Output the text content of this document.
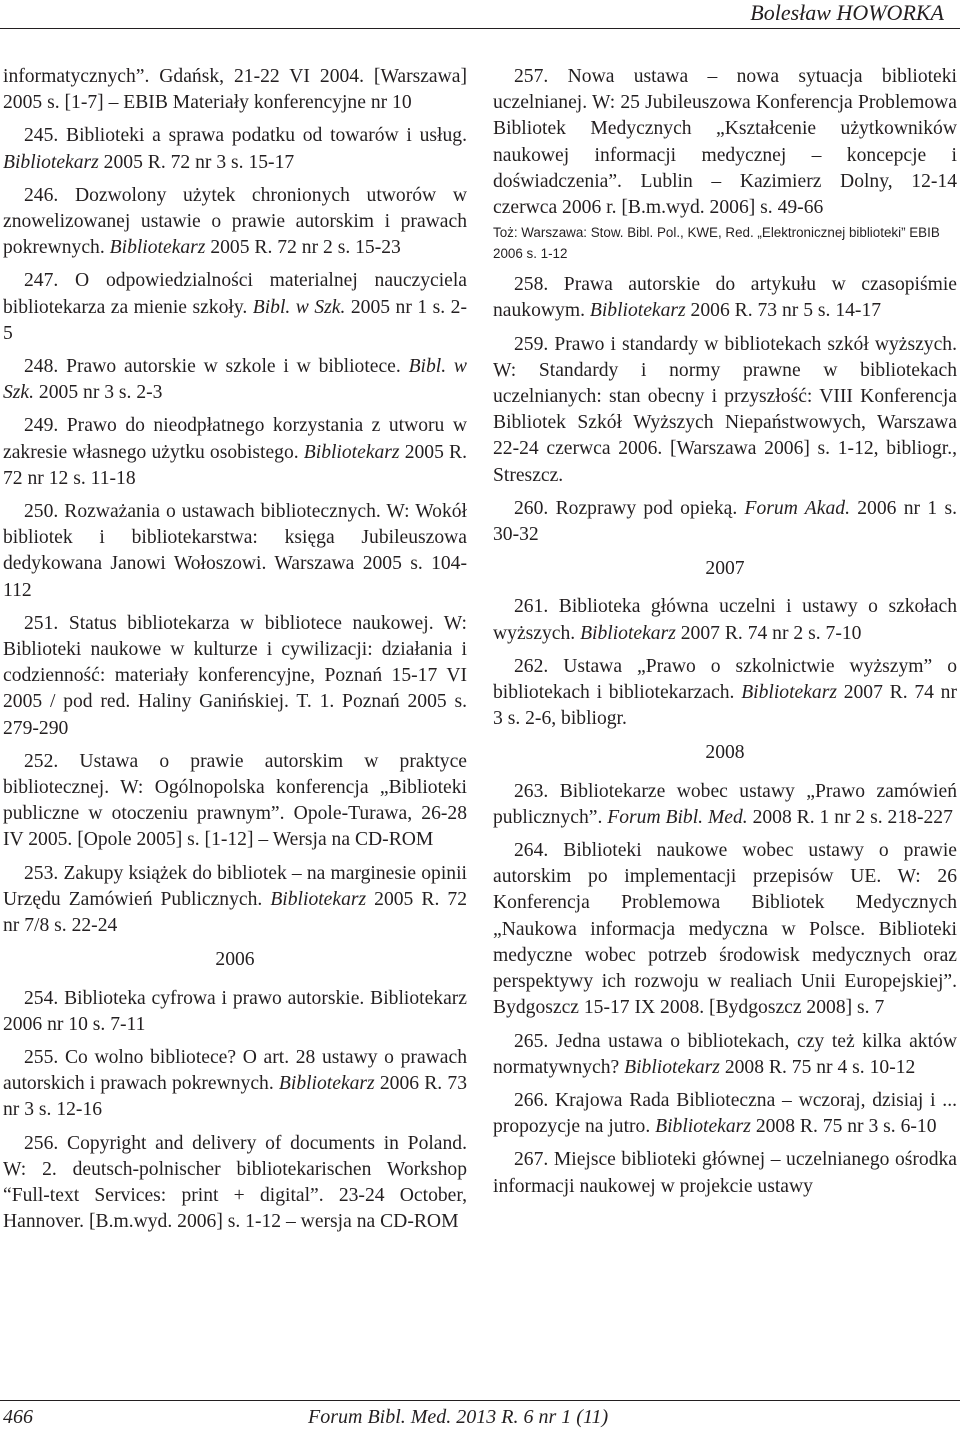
Bolesław HOWORKA
informatycznych”. Gdańsk, 21-22 VI 2004. [Warszawa] 2005 s. [1-7] – EBIB Materiały konferencyjne nr 10
245. Biblioteki a sprawa podatku od towarów i usług. Bibliotekarz 2005 R. 72 nr 3 s. 15-17
246. Dozwolony użytek chronionych utworów w znowelizowanej ustawie o prawie autorskim i prawach pokrewnych. Bibliotekarz 2005 R. 72 nr 2 s. 15-23
247. O odpowiedzialności materialnej nauczyciela bibliotekarza za mienie szkoły. Bibl. w Szk. 2005 nr 1 s. 2-5
248. Prawo autorskie w szkole i w bibliotece. Bibl. w Szk. 2005 nr 3 s. 2-3
249. Prawo do nieodpłatnego korzystania z utworu w zakresie własnego użytku osobistego. Bibliotekarz 2005 R. 72 nr 12 s. 11-18
250. Rozważania o ustawach bibliotecznych. W: Wokół bibliotek i bibliotekarstwa: księga Jubileuszowa dedykowana Janowi Wołoszowi. Warszawa 2005 s. 104-112
251. Status bibliotekarza w bibliotece naukowej. W: Biblioteki naukowe w kulturze i cywilizacji: działania i codzienność: materiały konferencyjne, Poznań 15-17 VI 2005 / pod red. Haliny Ganińskiej. T. 1. Poznań 2005 s. 279-290
252. Ustawa o prawie autorskim w praktyce bibliotecznej. W: Ogólnopolska konferencja „Biblioteki publiczne w otoczeniu prawnym”. Opole-Turawa, 26-28 IV 2005. [Opole 2005] s. [1-12] – Wersja na CD-ROM
253. Zakupy książek do bibliotek – na marginesie opinii Urzędu Zamówień Publicznych. Bibliotekarz 2005 R. 72 nr 7/8 s. 22-24
2006
254. Biblioteka cyfrowa i prawo autorskie. Bibliotekarz 2006 nr 10 s. 7-11
255. Co wolno bibliotece? O art. 28 ustawy o prawach autorskich i prawach pokrewnych. Bibliotekarz 2006 R. 73 nr 3 s. 12-16
256. Copyright and delivery of documents in Poland. W: 2. deutsch-polnischer bibliotekarischen Workshop “Full-text Services: print + digital”. 23-24 October, Hannover. [B.m.wyd. 2006] s. 1-12 – wersja na CD-ROM
257. Nowa ustawa – nowa sytuacja biblioteki uczelnianej. W: 25 Jubileuszowa Konferencja Problemowa Bibliotek Medycznych „Kształcenie użytkowników naukowej informacji medycznej – koncepcje i doświadczenia”. Lublin – Kazimierz Dolny, 12-14 czerwca 2006 r. [B.m.wyd. 2006] s. 49-66
Toż: Warszawa: Stow. Bibl. Pol., KWE, Red. „Elektronicznej biblioteki” EBIB 2006 s. 1-12
258. Prawa autorskie do artykułu w czasopiśmie naukowym. Bibliotekarz 2006 R. 73 nr 5 s. 14-17
259. Prawo i standardy w bibliotekach szkół wyższych. W: Standardy i normy prawne w bibliotekach uczelnianych: stan obecny i przyszłość: VIII Konferencja Bibliotek Szkół Wyższych Niepaństwowych, Warszawa 22-24 czerwca 2006. [Warszawa 2006] s. 1-12, bibliogr., Streszcz.
260. Rozprawy pod opieką. Forum Akad. 2006 nr 1 s. 30-32
2007
261. Biblioteka główna uczelni i ustawy o szkołach wyższych. Bibliotekarz 2007 R. 74 nr 2 s. 7-10
262. Ustawa „Prawo o szkolnictwie wyższym” o bibliotekach i bibliotekarzach. Bibliotekarz 2007 R. 74 nr 3 s. 2-6, bibliogr.
2008
263. Bibliotekarze wobec ustawy „Prawo zamówień publicznych”. Forum Bibl. Med. 2008 R. 1 nr 2 s. 218-227
264. Biblioteki naukowe wobec ustawy o prawie autorskim po implementacji przepisów UE. W: 26 Konferencja Problemowa Bibliotek Medycznych „Naukowa informacja medyczna w Polsce. Biblioteki medyczne wobec potrzeb środowisk medycznych oraz perspektywy ich rozwoju w realiach Unii Europejskiej”. Bydgoszcz 15-17 IX 2008. [Bydgoszcz 2008] s. 7
265. Jedna ustawa o bibliotekach, czy też kilka aktów normatywnych? Bibliotekarz 2008 R. 75 nr 4 s. 10-12
266. Krajowa Rada Biblioteczna – wczoraj, dzisiaj i ... propozycje na jutro. Bibliotekarz 2008 R. 75 nr 3 s. 6-10
267. Miejsce biblioteki głównej – uczelnianego ośrodka informacji naukowej w projekcie ustawy
466	Forum Bibl. Med. 2013 R. 6 nr 1 (11)
